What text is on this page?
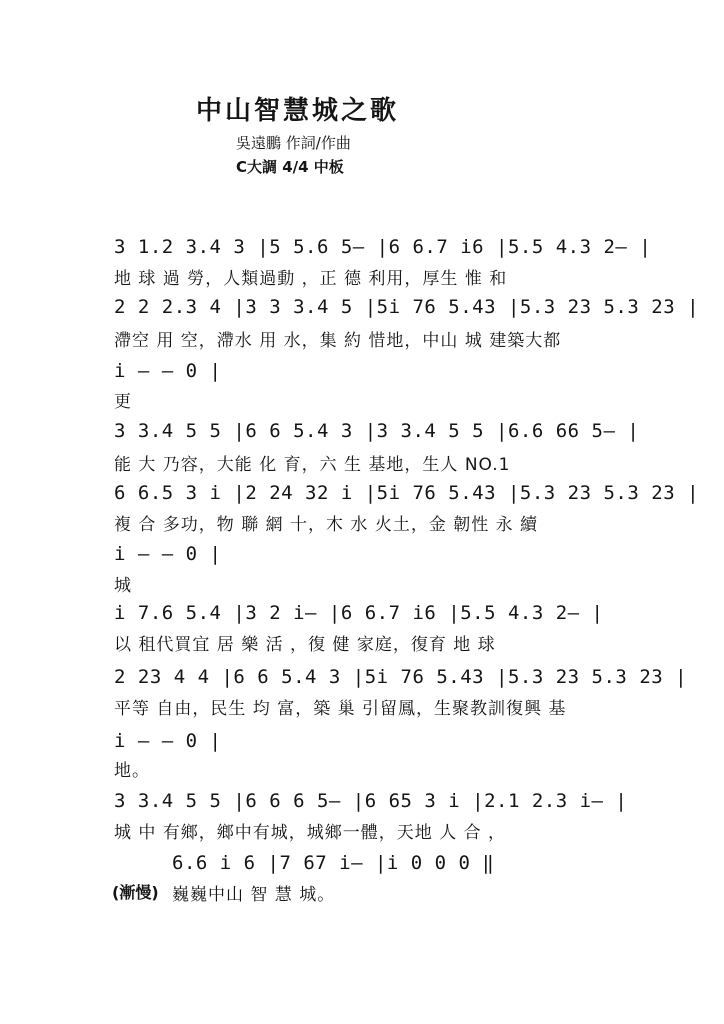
中山智慧城之歌
吳遠鵬 作詞/作曲
C大調 4/4 中板
3 1.2 3.4 3 |5 5.6 5— |6 6.7 i6 |5.5 4.3 2— |
地 球 過 勞，人類過動 ，正 德 利用，厚生 惟 和
2 2 2.3 4 |3 3 3.4 5 |5i 76 5.43 |5.3 23 5.3 23 |
滯空 用 空，滯水 用 水，集 約 惜地，中山 城 建築大都
i — — 0 |
更
3 3.4 5 5 |6 6 5.4 3 |3 3.4 5 5 |6.6 66 5— |
能 大 乃容，大能 化 育，六 生 基地，生人 NO.1
6 6.5 3 i |2 24 32 i |5i 76 5.43 |5.3 23 5.3 23 |
複 合 多功，物 聯 網 十，木 水 火土，金 韌性 永 續
i — — 0 |
城
i 7.6 5.4 |3 2 i— |6 6.7 i6 |5.5 4.3 2— |
以 租代買宜 居 樂 活 ，復 健 家庭，復育 地 球
2 23 4 4 |6 6 5.4 3 |5i 76 5.43 |5.3 23 5.3 23 |
平等 自由，民生 均 富，築 巢 引留鳳，生聚教訓復興 基
i — — 0 |
地。
3 3.4 5 5 |6 6 6 5— |6 65 3 i |2.1 2.3 i— |
城 中 有鄉，鄉中有城，城鄉一體，天地 人 合 ，
6.6 i 6 |7 67 i— |i 0 0 0 ‖
(漸慢) 巍巍中山 智 慧 城。
